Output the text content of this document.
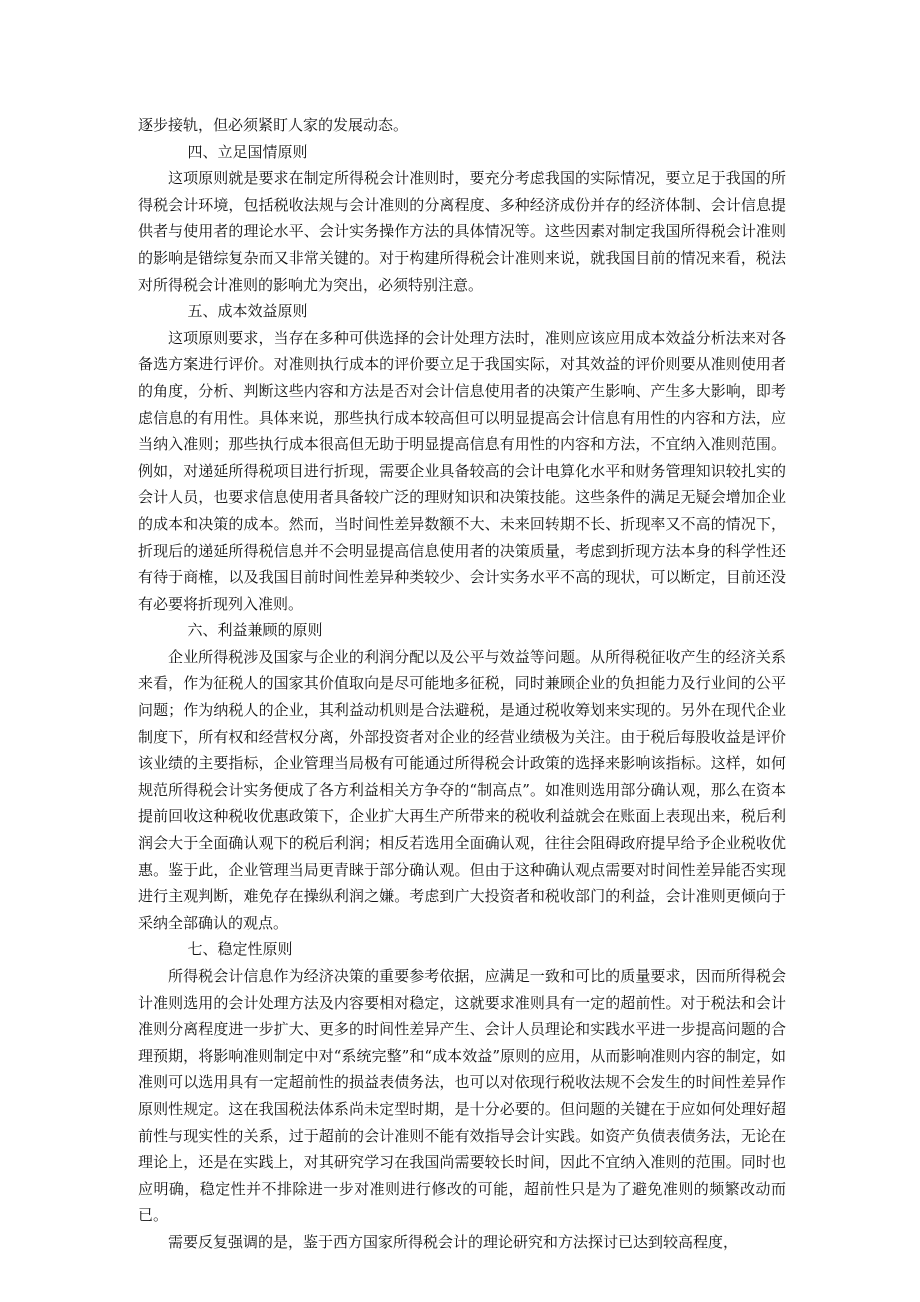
逐步接轨，但必须紧盯人家的发展动态。

四、立足国情原则

这项原则就是要求在制定所得税会计准则时，要充分考虑我国的实际情况，要立足于我国的所得税会计环境，包括税收法规与会计准则的分离程度、多种经济成份并存的经济体制、会计信息提供者与使用者的理论水平、会计实务操作方法的具体情况等。这些因素对制定我国所得税会计准则的影响是错综复杂而又非常关键的。对于构建所得税会计准则来说，就我国目前的情况来看，税法对所得税会计准则的影响尤为突出，必须特别注意。

五、成本效益原则

这项原则要求，当存在多种可供选择的会计处理方法时，准则应该应用成本效益分析法来对各备选方案进行评价。对准则执行成本的评价要立足于我国实际，对其效益的评价则要从准则使用者的角度，分析、判断这些内容和方法是否对会计信息使用者的决策产生影响、产生多大影响，即考虑信息的有用性。具体来说，那些执行成本较高但可以明显提高会计信息有用性的内容和方法，应当纳入准则；那些执行成本很高但无助于明显提高信息有用性的内容和方法，不宜纳入准则范围。例如，对递延所得税项目进行折现，需要企业具备较高的会计电算化水平和财务管理知识较扎实的会计人员，也要求信息使用者具备较广泛的理财知识和决策技能。这些条件的满足无疑会增加企业的成本和决策的成本。然而，当时间性差异数额不大、未来回转期不长、折现率又不高的情况下，折现后的递延所得税信息并不会明显提高信息使用者的决策质量，考虑到折现方法本身的科学性还有待于商榷，以及我国目前时间性差异种类较少、会计实务水平不高的现状，可以断定，目前还没有必要将折现列入准则。

六、利益兼顾的原则

企业所得税涉及国家与企业的利润分配以及公平与效益等问题。从所得税征收产生的经济关系来看，作为征税人的国家其价值取向是尽可能地多征税，同时兼顾企业的负担能力及行业间的公平问题；作为纳税人的企业，其利益动机则是合法避税，是通过税收筹划来实现的。另外在现代企业制度下，所有权和经营权分离，外部投资者对企业的经营业绩极为关注。由于税后每股收益是评价该业绩的主要指标，企业管理当局极有可能通过所得税会计政策的选择来影响该指标。这样，如何规范所得税会计实务便成了各方利益相关方争夺的“制高点”。如准则选用部分确认观，那么在资本提前回收这种税收优惠政策下，企业扩大再生产所带来的税收利益就会在账面上表现出来，税后利润会大于全面确认观下的税后利润；相反若选用全面确认观，往往会阻碍政府提早给予企业税收优惠。鉴于此，企业管理当局更青睐于部分确认观。但由于这种确认观点需要对时间性差异能否实现进行主观判断，难免存在操纵利润之嫌。考虑到广大投资者和税收部门的利益，会计准则更倾向于采纳全部确认的观点。

七、稳定性原则

所得税会计信息作为经济决策的重要参考依据，应满足一致和可比的质量要求，因而所得税会计准则选用的会计处理方法及内容要相对稳定，这就要求准则具有一定的超前性。对于税法和会计准则分离程度进一步扩大、更多的时间性差异产生、会计人员理论和实践水平进一步提高问题的合理预期，将影响准则制定中对“系统完整”和“成本效益”原则的应用，从而影响准则内容的制定，如准则可以选用具有一定超前性的损益表债务法，也可以对依现行税收法规不会发生的时间性差异作原则性规定。这在我国税法体系尚未定型时期，是十分必要的。但问题的关键在于应如何处理好超前性与现实性的关系，过于超前的会计准则不能有效指导会计实践。如资产负债表债务法，无论在理论上，还是在实践上，对其研究学习在我国尚需要较长时间，因此不宜纳入准则的范围。同时也应明确，稳定性并不排除进一步对准则进行修改的可能，超前性只是为了避免准则的频繁改动而已。

需要反复强调的是，鉴于西方国家所得税会计的理论研究和方法探讨已达到较高程度，
